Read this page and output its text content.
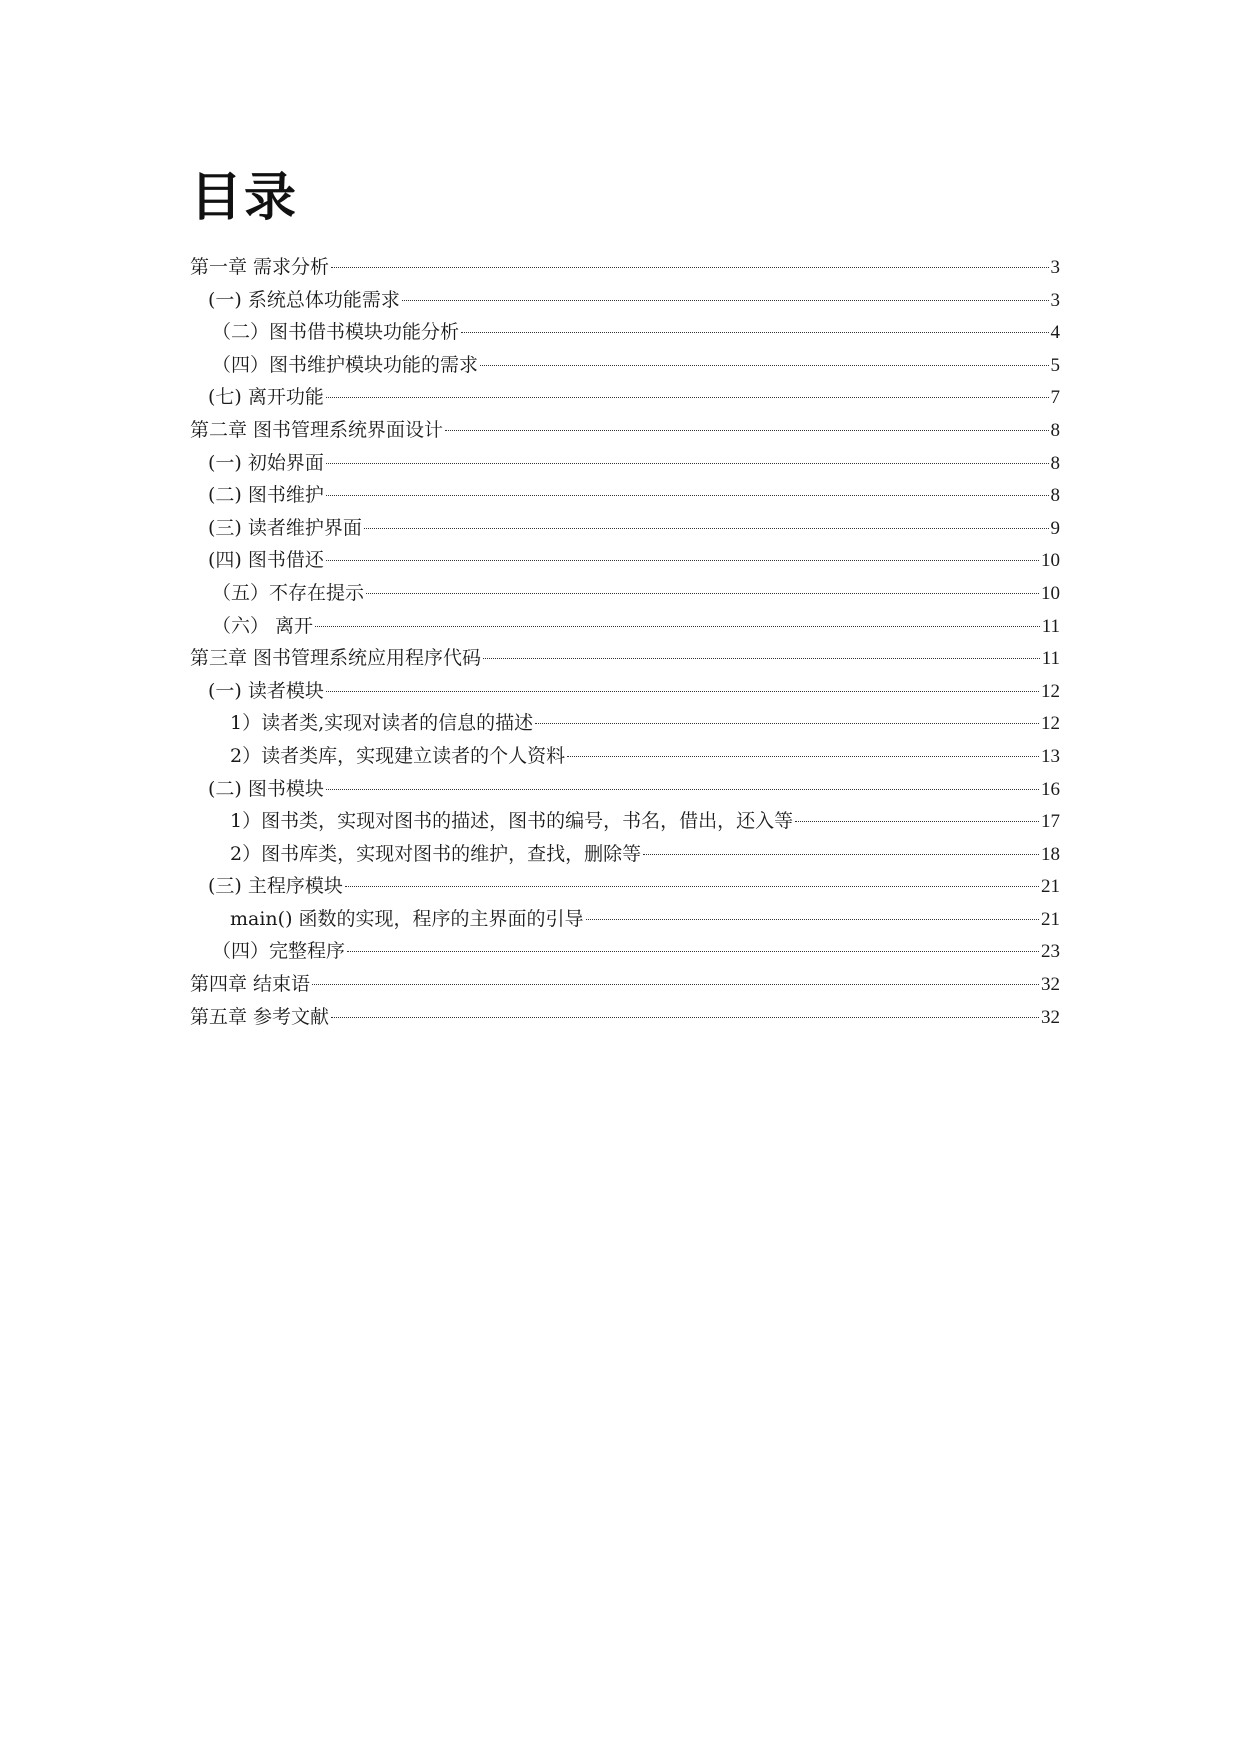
目录
第一章 需求分析	3
(一) 系统总体功能需求	3
（二）图书借书模块功能分析	4
（四）图书维护模块功能的需求	5
(七) 离开功能	7
第二章 图书管理系统界面设计	8
(一) 初始界面	8
(二) 图书维护	8
(三) 读者维护界面	9
(四) 图书借还	10
（五）不存在提示	10
（六） 离开	11
第三章 图书管理系统应用程序代码	11
(一) 读者模块	12
1）读者类,实现对读者的信息的描述	12
2）读者类库，实现建立读者的个人资料	13
(二) 图书模块	16
1）图书类，实现对图书的描述，图书的编号，书名，借出，还入等	17
2）图书库类，实现对图书的维护，查找，删除等	18
(三) 主程序模块	21
main() 函数的实现，程序的主界面的引导	21
（四）完整程序	23
第四章 结束语	32
第五章 参考文献	32
